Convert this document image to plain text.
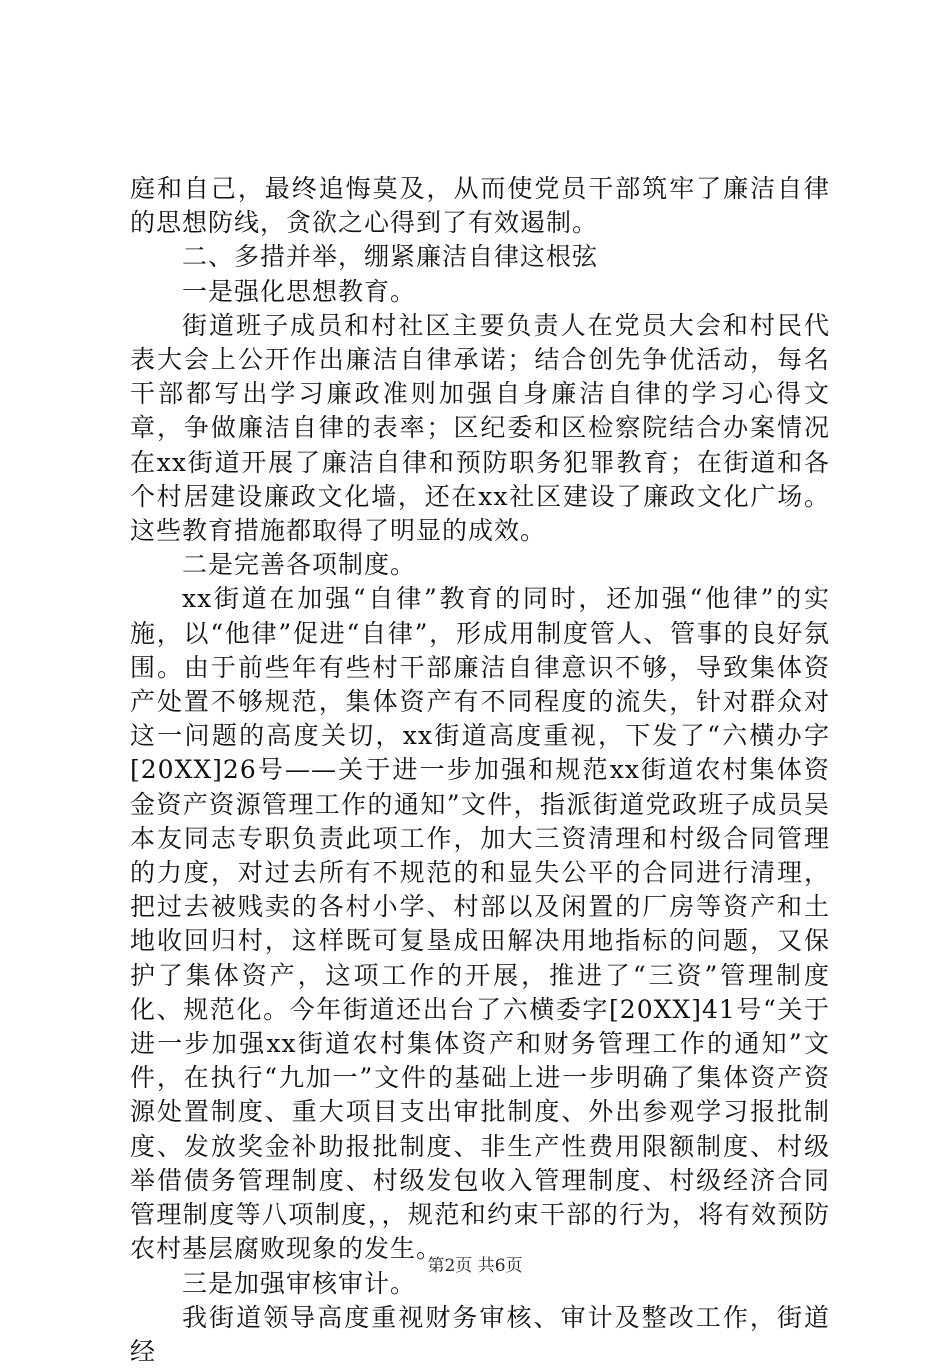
庭和自己，最终追悔莫及，从而使党员干部筑牢了廉洁自律的思想防线，贪欲之心得到了有效遏制。

二、多措并举，绷紧廉洁自律这根弦

一是强化思想教育。

街道班子成员和村社区主要负责人在党员大会和村民代表大会上公开作出廉洁自律承诺；结合创先争优活动，每名干部都写出学习廉政准则加强自身廉洁自律的学习心得文章，争做廉洁自律的表率；区纪委和区检察院结合办案情况在xx街道开展了廉洁自律和预防职务犯罪教育；在街道和各个村居建设廉政文化墙，还在xx社区建设了廉政文化广场。这些教育措施都取得了明显的成效。

二是完善各项制度。

xx街道在加强“自律”教育的同时，还加强“他律”的实施，以“他律”促进“自律”，形成用制度管人、管事的良好氛围。由于前些年有些村干部廉洁自律意识不够，导致集体资产处置不够规范，集体资产有不同程度的流失，针对群众对这一问题的高度关切，xx街道高度重视，下发了“六横办字[20XX]26号——关于进一步加强和规范xx街道农村集体资金资产资源管理工作的通知”文件，指派街道党政班子成员吴本友同志专职负责此项工作，加大三资清理和村级合同管理的力度，对过去所有不规范的和显失公平的合同进行清理，把过去被贱卖的各村小学、村部以及闲置的厂房等资产和土地收回归村，这样既可复垦成田解决用地指标的问题，又保护了集体资产，这项工作的开展，推进了“三资”管理制度化、规范化。今年街道还出台了六横委字[20XX]41号“关于进一步加强xx街道农村集体资产和财务管理工作的通知”文件，在执行“九加一”文件的基础上进一步明确了集体资产资源处置制度、重大项目支出审批制度、外出参观学习报批制度、发放奖金补助报批制度、非生产性费用限额制度、村级举借债务管理制度、村级发包收入管理制度、村级经济合同管理制度等八项制度，，规范和约束干部的行为，将有效预防农村基层腐败现象的发生。

三是加强审核审计。

我街道领导高度重视财务审核、审计及整改工作，街道经

第2页 共6页
